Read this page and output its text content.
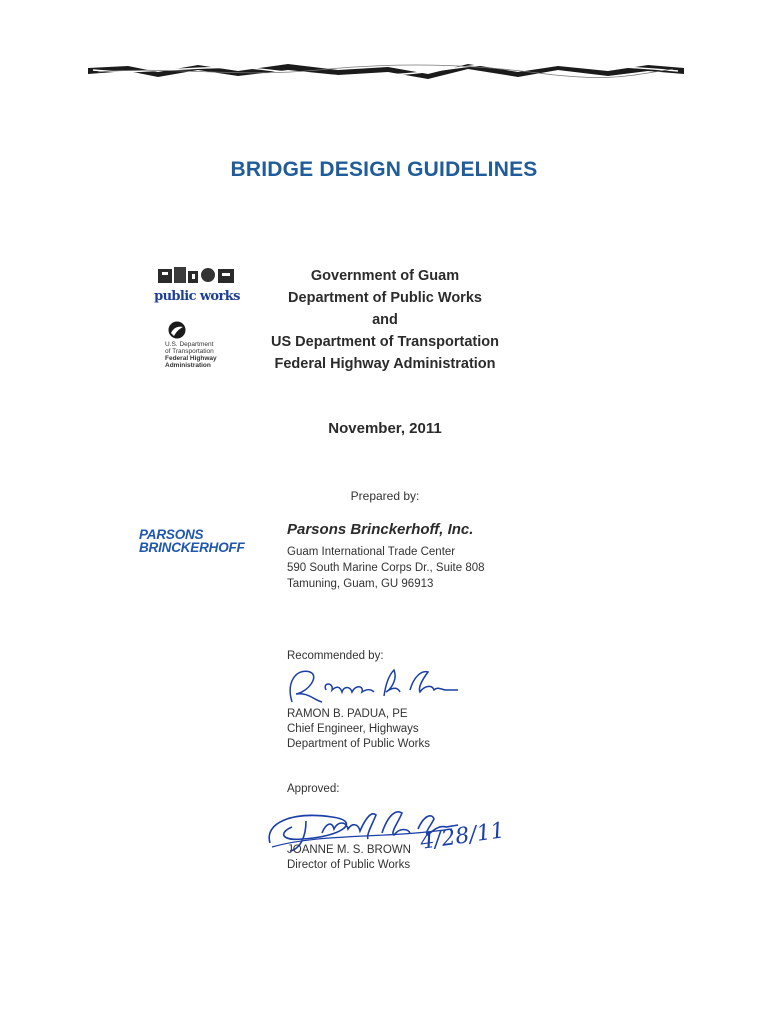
BRIDGE DESIGN GUIDELINES
public works
U.S. Department
of Transportation
Federal Highway
Administration
Government of Guam
Department of Public Works
and
US Department of Transportation
Federal Highway Administration
November, 2011
Prepared by:
PARSONS
BRINCKERHOFF
Parsons Brinckerhoff, Inc.
Guam International Trade Center
590 South Marine Corps Dr., Suite 808
Tamuning, Guam, GU 96913
Recommended by:
RAMON B. PADUA, PE
Chief Engineer, Highways
Department of Public Works
Approved:
4/28/11
JOANNE M. S. BROWN
Director of Public Works
